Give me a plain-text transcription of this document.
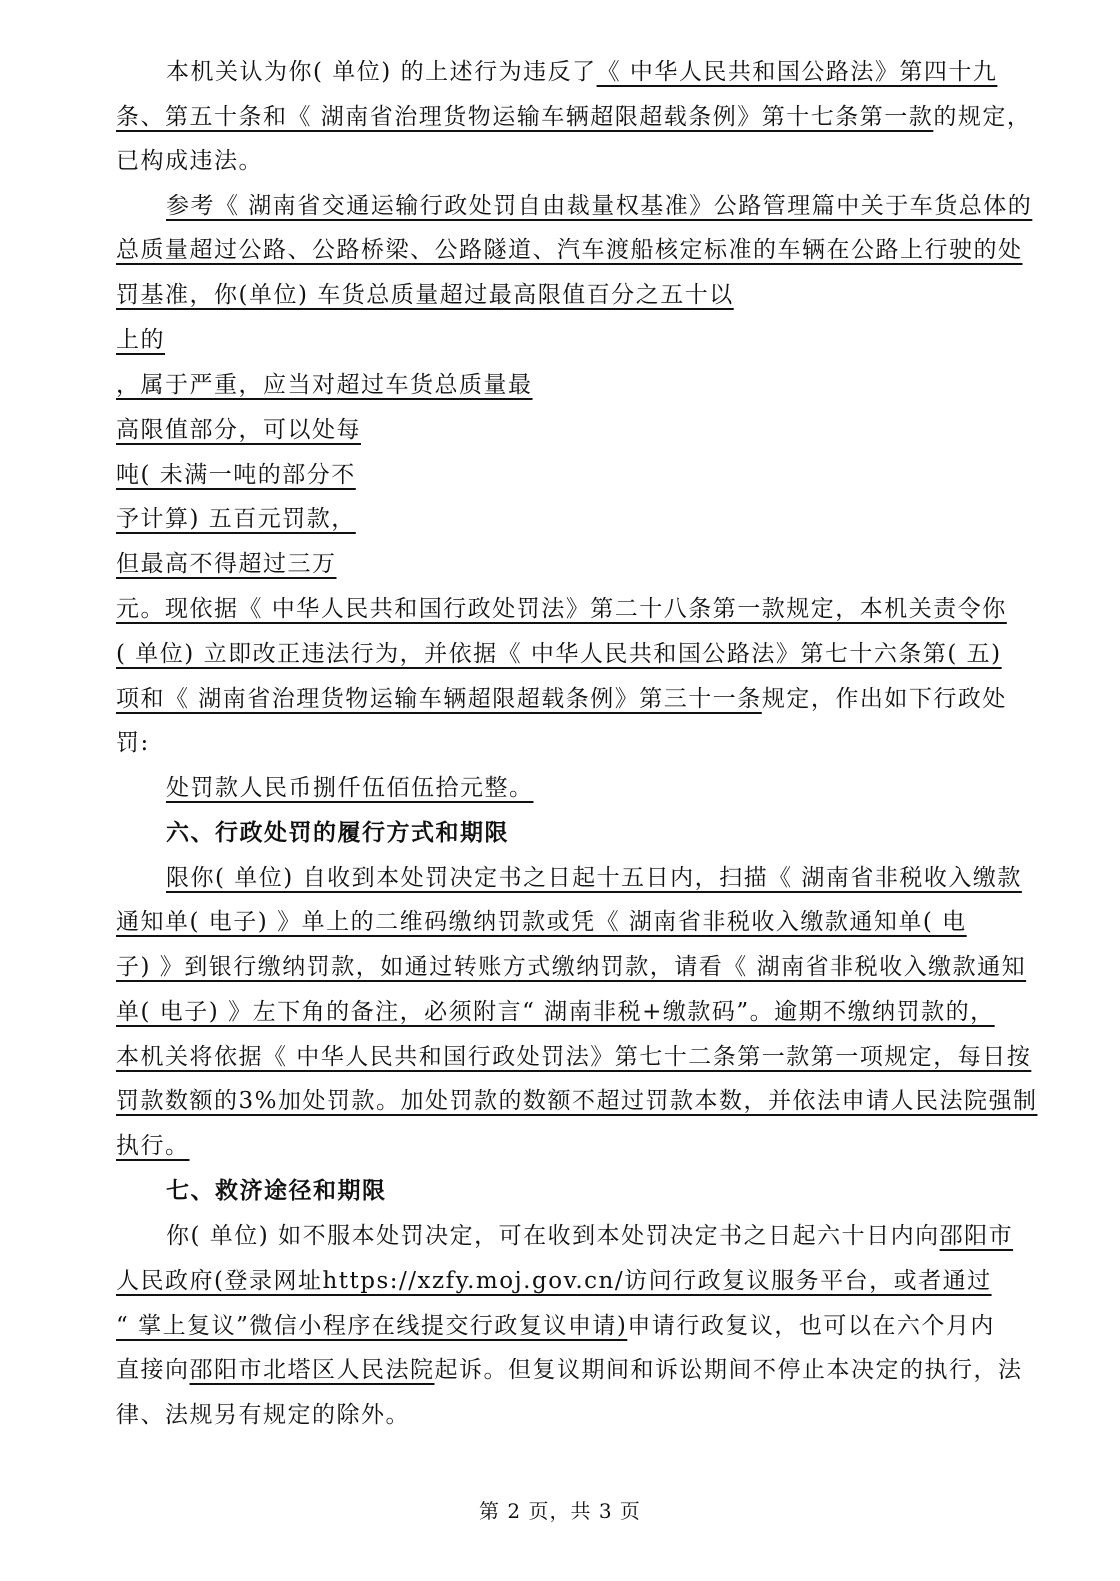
本机关认为你( 单位) 的上述行为违反了《 中华人民共和国公路法》第四十九
条、第五十条和《 湖南省治理货物运输车辆超限超载条例》第十七条第一款的规定，
已构成违法。
参考《 湖南省交通运输行政处罚自由裁量权基准》公路管理篇中关于车货总体的
总质量超过公路、公路桥梁、公路隧道、汽车渡船核定标准的车辆在公路上行驶的处
罚基准，你(单位) 车货总质量超过最高限值百分之五十以
上的
，属于严重，应当对超过车货总质量最
高限值部分，可以处每
吨( 未满一吨的部分不
予计算) 五百元罚款，
但最高不得超过三万
元。现依据《 中华人民共和国行政处罚法》第二十八条第一款规定，本机关责令你
( 单位) 立即改正违法行为，并依据《 中华人民共和国公路法》第七十六条第( 五)
项和《 湖南省治理货物运输车辆超限超载条例》第三十一条规定，作出如下行政处
罚:
处罚款人民币捌仟伍佰伍拾元整。
六、行政处罚的履行方式和期限
限你( 单位) 自收到本处罚决定书之日起十五日内，扫描《 湖南省非税收入缴款
通知单( 电子) 》单上的二维码缴纳罚款或凭《 湖南省非税收入缴款通知单( 电
子) 》到银行缴纳罚款，如通过转账方式缴纳罚款，请看《 湖南省非税收入缴款通知
单( 电子) 》左下角的备注，必须附言“ 湖南非税+缴款码”。逾期不缴纳罚款的，
本机关将依据《 中华人民共和国行政处罚法》第七十二条第一款第一项规定，每日按
罚款数额的3%加处罚款。加处罚款的数额不超过罚款本数，并依法申请人民法院强制
执行。
七、救济途径和期限
你( 单位) 如不服本处罚决定，可在收到本处罚决定书之日起六十日内向邵阳市
人民政府(登录网址https://xzfy.moj.gov.cn/访问行政复议服务平台，或者通过
“ 掌上复议”微信小程序在线提交行政复议申请)申请行政复议，也可以在六个月内
直接向邵阳市北塔区人民法院起诉。但复议期间和诉讼期间不停止本决定的执行，法
律、法规另有规定的除外。
第 2 页，共 3 页
